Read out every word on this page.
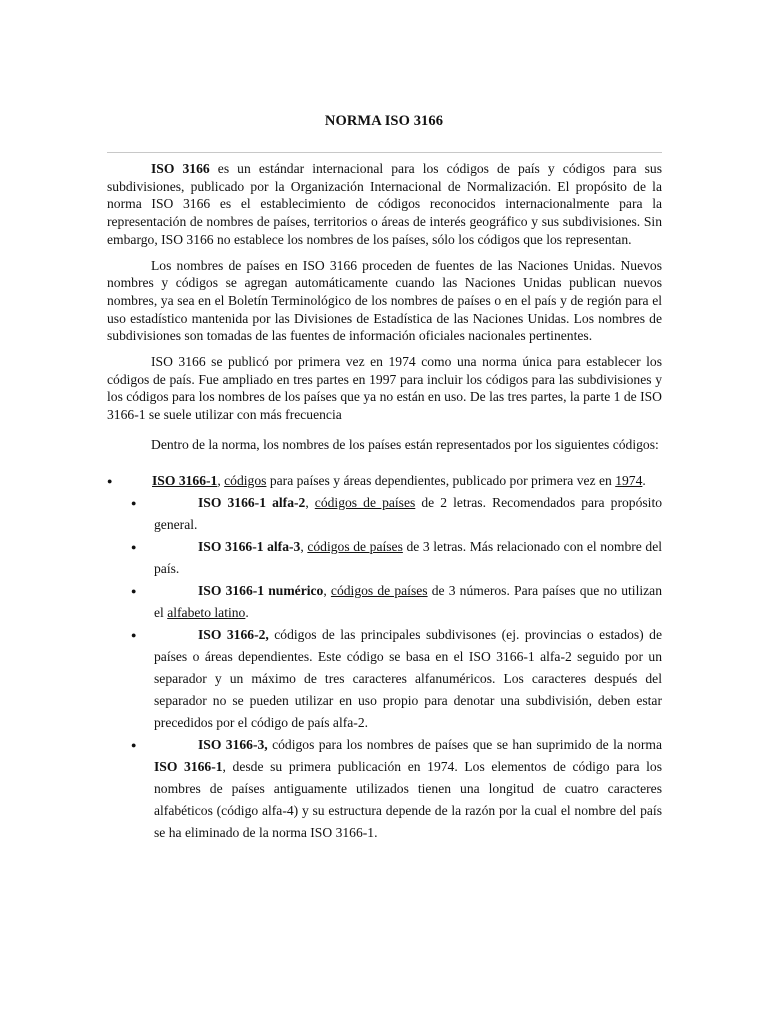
NORMA ISO 3166

ISO 3166 es un estándar internacional para los códigos de país y códigos para sus subdivisiones, publicado por la Organización Internacional de Normalización. El propósito de la norma ISO 3166 es el establecimiento de códigos reconocidos internacionalmente para la representación de nombres de países, territorios o áreas de interés geográfico y sus subdivisiones. Sin embargo, ISO 3166 no establece los nombres de los países, sólo los códigos que los representan.

Los nombres de países en ISO 3166 proceden de fuentes de las Naciones Unidas. Nuevos nombres y códigos se agregan automáticamente cuando las Naciones Unidas publican nuevos nombres, ya sea en el Boletín Terminológico de los nombres de países o en el país y de región para el uso estadístico mantenida por las Divisiones de Estadística de las Naciones Unidas. Los nombres de subdivisiones son tomadas de las fuentes de información oficiales nacionales pertinentes.

ISO 3166 se publicó por primera vez en 1974 como una norma única para establecer los códigos de país. Fue ampliado en tres partes en 1997 para incluir los códigos para las subdivisiones y los códigos para los nombres de los países que ya no están en uso. De las tres partes, la parte 1 de ISO 3166-1 se suele utilizar con más frecuencia

Dentro de la norma, los nombres de los países están representados por los siguientes códigos:

●	ISO 3166-1, códigos para países y áreas dependientes, publicado por primera vez en 1974.
●	ISO 3166-1 alfa-2, códigos de países de 2 letras. Recomendados para propósito general.
●	ISO 3166-1 alfa-3, códigos de países de 3 letras. Más relacionado con el nombre del país.
●	ISO 3166-1 numérico, códigos de países de 3 números. Para países que no utilizan el alfabeto latino.
●	ISO 3166-2, códigos de las principales subdivisones (ej. provincias o estados) de países o áreas dependientes. Este código se basa en el ISO 3166-1 alfa-2 seguido por un separador y un máximo de tres caracteres alfanuméricos. Los caracteres después del separador no se pueden utilizar en uso propio para denotar una subdivisión, deben estar precedidos por el código de país alfa-2.
●	ISO 3166-3, códigos para los nombres de países que se han suprimido de la norma ISO 3166-1, desde su primera publicación en 1974. Los elementos de código para los nombres de países antiguamente utilizados tienen una longitud de cuatro caracteres alfabéticos (código alfa-4) y su estructura depende de la razón por la cual el nombre del país se ha eliminado de la norma ISO 3166-1.
